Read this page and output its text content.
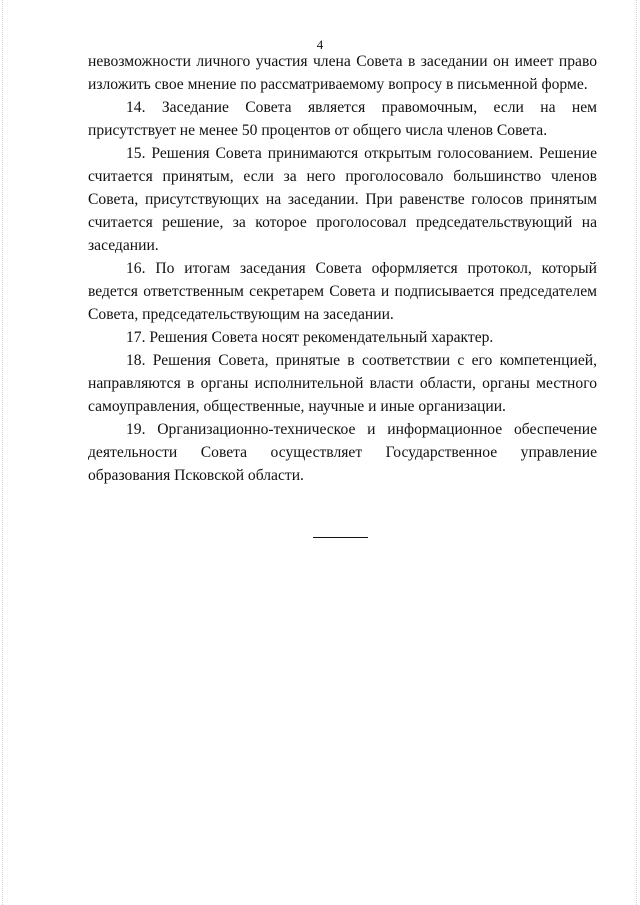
4

невозможности личного участия члена Совета в заседании он имеет право изложить свое мнение по рассматриваемому вопросу в письменной форме.

14. Заседание Совета является правомочным, если на нем присутствует не менее 50 процентов от общего числа членов Совета.

15. Решения Совета принимаются открытым голосованием. Решение считается принятым, если за него проголосовало большинство членов Совета, присутствующих на заседании. При равенстве голосов принятым считается решение, за которое проголосовал председательствующий на заседании.

16. По итогам заседания Совета оформляется протокол, который ведется ответственным секретарем Совета и подписывается председателем Совета, председательствующим на заседании.

17. Решения Совета носят рекомендательный характер.

18. Решения Совета, принятые в соответствии с его компетенцией, направляются в органы исполнительной власти области, органы местного самоуправления, общественные, научные и иные организации.

19. Организационно-техническое и информационное обеспечение деятельности Совета осуществляет Государственное управление образования Псковской области.
